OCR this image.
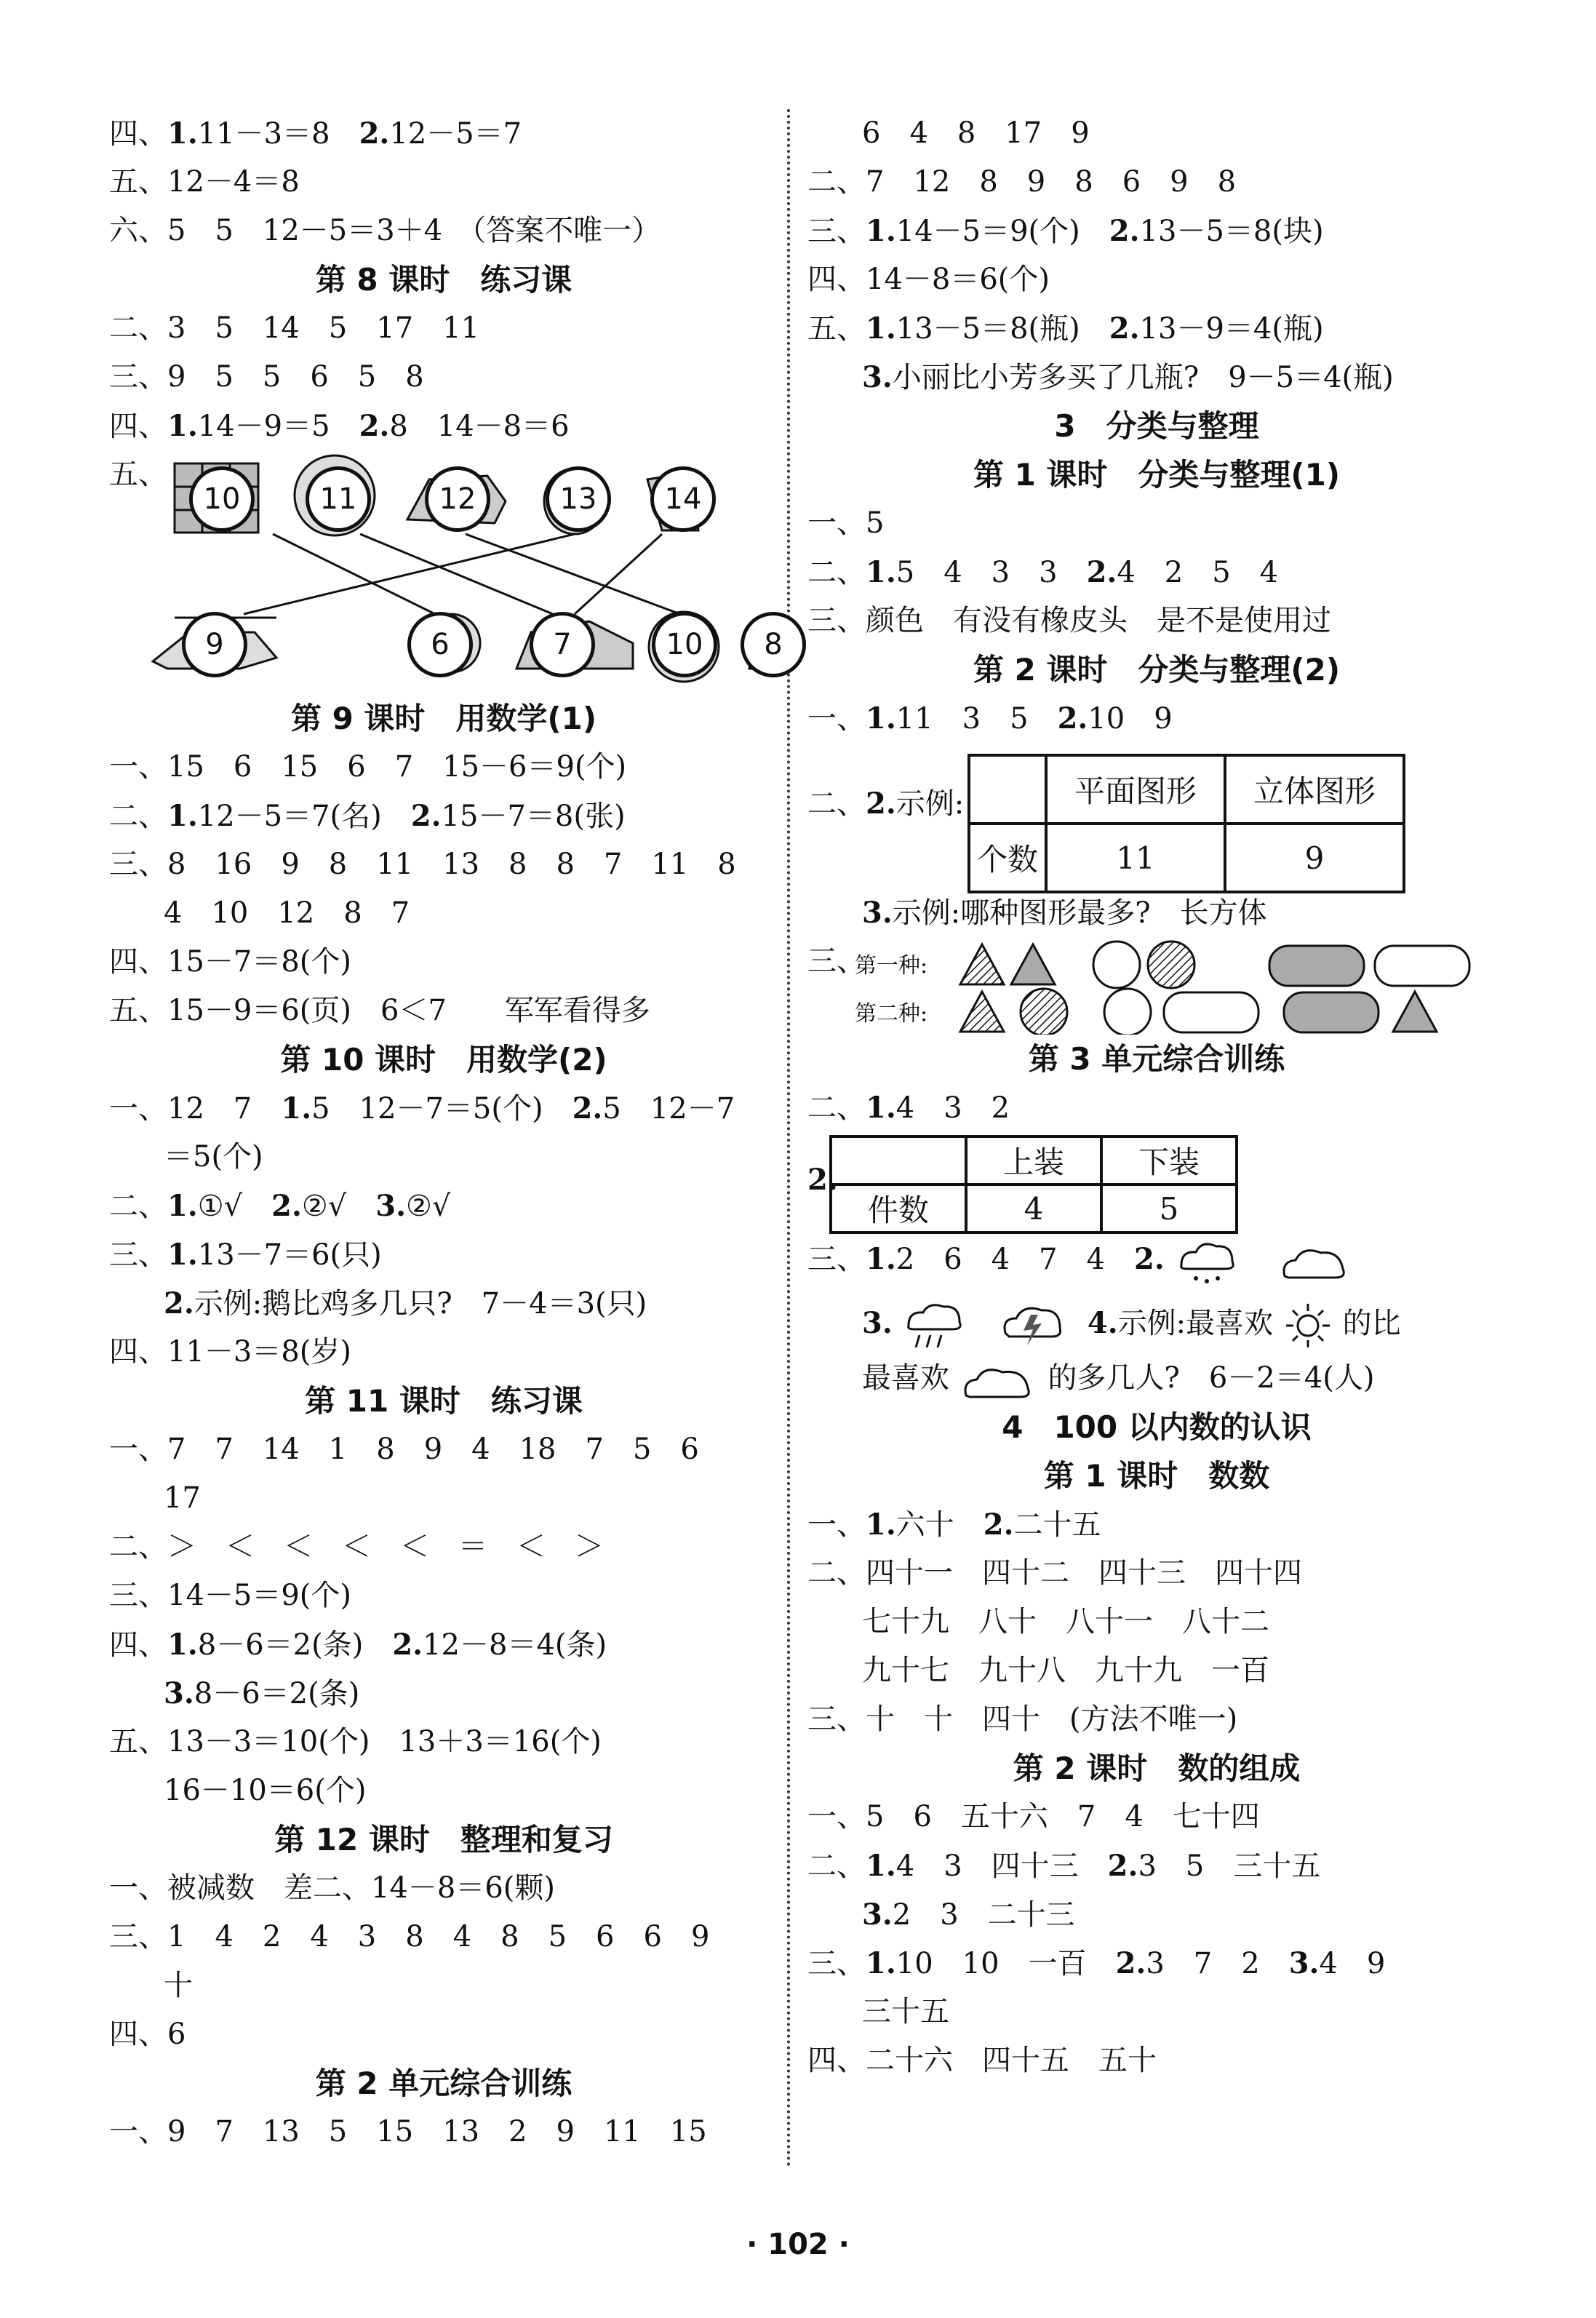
四、1.11－3＝8　 2.12－5＝7
五、12－4＝8
六、5　5　12－5＝3＋4　（答案不唯一）
第 8 课时　练习课
二、3　5　14　5　17　11
三、9　5　5　6　5　8
四、1.14－9＝5　 2.8　14－8＝6
五、
10	11	12	13	14
9	6	7	10	8
第 9 课时　用数学(1)
一、15　6　15　6　7　15－6＝9(个)
二、1.12－5＝7(名)　 2.15－7＝8(张)
三、8　16　9　8　11　13　8　8　7　11　8
4　10　12　8　7
四、15－7＝8(个)
五、15－9＝6(页)　6＜7　　军军看得多
第 10 课时　用数学(2)
一、12　7　1.5　12－7＝5(个)　2.5　12－7
＝5(个)
二、1.①√　2.②√　3.②√
三、1.13－7＝6(只)
2.示例:鹅比鸡多几只?　7－4＝3(只)
四、11－3＝8(岁)
第 11 课时　练习课
一、7　7　14　1　8　9　4　18　7　5　6
17
二、＞　＜　＜　＜　＜　＝　＜　＞
三、14－5＝9(个)
四、1.8－6＝2(条)　2.12－8＝4(条)
3.8－6＝2(条)
五、13－3＝10(个)　13＋3＝16(个)
16－10＝6(个)
第 12 课时　整理和复习
一、被减数　差二、14－8＝6(颗)
三、1　4　2　4　3　8　4　8　5　6　6　9
十
四、6
第 2 单元综合训练
一、9　7　13　5　15　13　2　9　11　15
6　4　8　17　9
二、7　12　8　9　8　6　9　8
三、1.14－5＝9(个)　2.13－5＝8(块)
四、14－8＝6(个)
五、1.13－5＝8(瓶)　2.13－9＝4(瓶)
3.小丽比小芳多买了几瓶?　9－5＝4(瓶)
3　分类与整理
第 1 课时　分类与整理(1)
一、5
二、1.5　4　3　3　2.4　2　5　4
三、颜色　有没有橡皮头　是不是使用过
第 2 课时　分类与整理(2)
一、1.11　3　5　2.10　9
二、2.示例:
		平面图形	立体图形
个数	11	9
3.示例:哪种图形最多?　长方体
三、
第一种:
第二种:
第 3 单元综合训练
二、1.4　3　2
2.
		上装	下装
件数	4	5
三、1.2　6　4　7　4　2.
3.	4.示例:最喜欢 的比
最喜欢	的多几人?　6－2＝4(人)
4　100 以内数的认识
第 1 课时　数数
一、1.六十　2.二十五
二、四十一　四十二　四十三　四十四
七十九　八十　八十一　八十二
九十七　九十八　九十九　一百
三、十　十　四十　(方法不唯一)
第 2 课时　数的组成
一、5　6　五十六　7　4　七十四
二、1.4　3　四十三　2.3　5　三十五
3.2　3　二十三
三、1.10　10　一百　2.3　7　2　3.4　9
三十五
四、二十六　四十五　五十
· 102 ·
